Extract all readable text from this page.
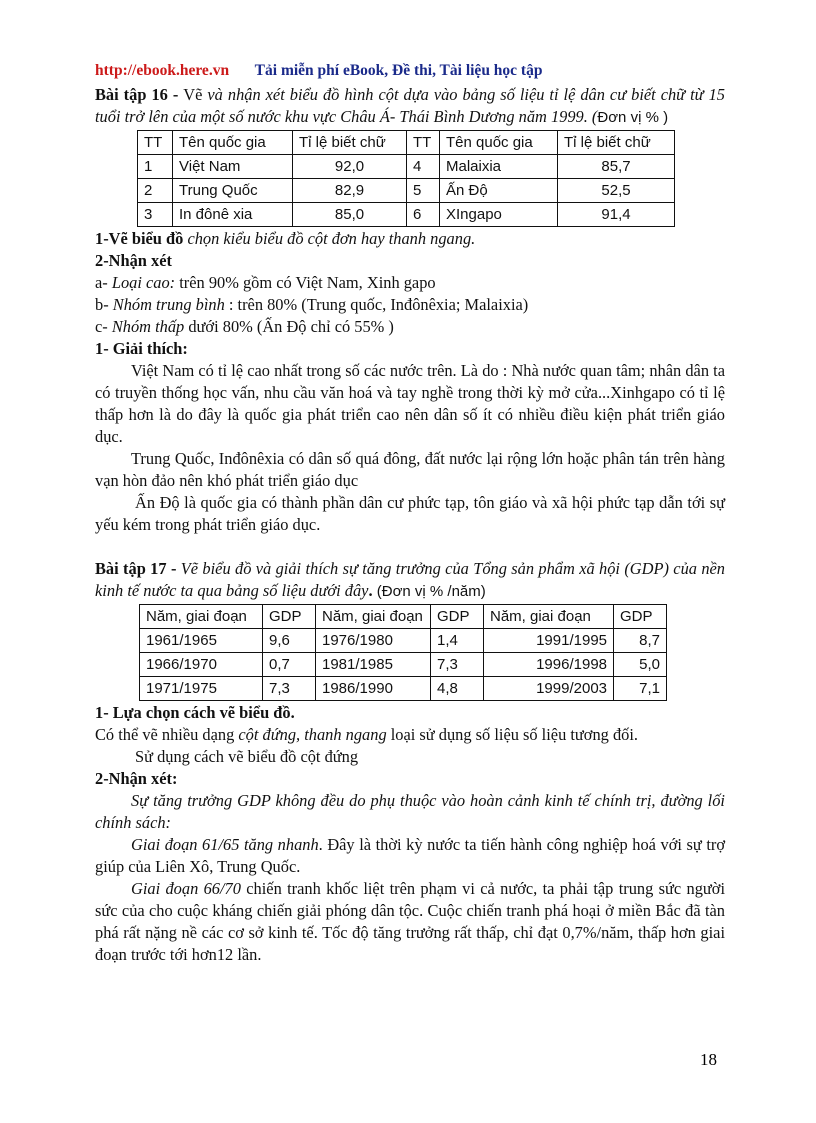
http://ebook.here.vn Tải miễn phí eBook, Đề thi, Tài liệu học tập

Bài tập 16 - Vẽ và nhận xét biểu đồ hình cột dựa vào bảng số liệu tỉ lệ dân cư biết chữ từ 15 tuổi trở lên của một số nước khu vực Châu Á- Thái Bình Dương năm 1999. (Đơn vị % )

TT	Tên quốc gia	Tỉ lệ biết chữ	TT	Tên quốc gia	Tỉ lệ biết chữ
1	Việt Nam	92,0	4	Malaixia	85,7
2	Trung Quốc	82,9	5	Ấn Độ	52,5
3	In đônê xia	85,0	6	XIngapo	91,4

1-Vẽ biểu đồ chọn kiểu biểu đồ cột đơn hay thanh ngang.

2-Nhận xét

a- Loại cao: trên 90% gồm có Việt Nam, Xinh gapo

b- Nhóm trung bình : trên 80% (Trung quốc, Inđônêxia; Malaixia)

c- Nhóm thấp dưới 80% (Ấn Độ chỉ có 55% )

1- Giải thích:

Việt Nam có tỉ lệ cao nhất trong số các nước trên. Là do : Nhà nước quan tâm; nhân dân ta có truyền thống học vấn, nhu cầu văn hoá và tay nghề trong thời kỳ mở cửa...Xinhgapo có tỉ lệ thấp hơn là do đây là quốc gia phát triển cao nên dân số ít có nhiều điều kiện phát triển giáo dục.

Trung Quốc, Inđônêxia có dân số quá đông, đất nước lại rộng lớn hoặc phân tán trên hàng vạn hòn đảo nên khó phát triển giáo dục

Ấn Độ là quốc gia có thành phần dân cư phức tạp, tôn giáo và xã hội phức tạp dẫn tới sự yếu kém trong phát triển giáo dục.

Bài tập 17 - Vẽ biểu đồ và giải thích sự tăng trưởng của Tổng sản phẩm xã hội (GDP) của nền kinh tế nước ta qua bảng số liệu dưới đây. (Đơn vị % /năm)

Năm, giai đoạn	GDP	Năm, giai đoạn	GDP	Năm, giai đoạn	GDP
1961/1965	9,6	1976/1980	1,4	1991/1995	8,7
1966/1970	0,7	1981/1985	7,3	1996/1998	5,0
1971/1975	7,3	1986/1990	4,8	1999/2003	7,1

1- Lựa chọn cách vẽ biểu đồ.

Có thể vẽ nhiều dạng cột đứng, thanh ngang loại sử dụng số liệu số liệu tương đối.

Sử dụng cách vẽ biểu đồ cột đứng

2-Nhận xét:

Sự tăng trưởng GDP không đều do phụ thuộc vào hoàn cảnh kinh tế chính trị, đường lối chính sách:

Giai đoạn 61/65 tăng nhanh. Đây là thời kỳ nước ta tiến hành công nghiệp hoá với sự trợ giúp của Liên Xô, Trung Quốc.

Giai đoạn 66/70 chiến tranh khốc liệt trên phạm vi cả nước, ta phải tập trung sức người sức của cho cuộc kháng chiến giải phóng dân tộc. Cuộc chiến tranh phá hoại ở miền Bắc đã tàn phá rất nặng nề các cơ sở kinh tế. Tốc độ tăng trưởng rất thấp, chỉ đạt 0,7%/năm, thấp hơn giai đoạn trước tới hơn12 lần.

18
